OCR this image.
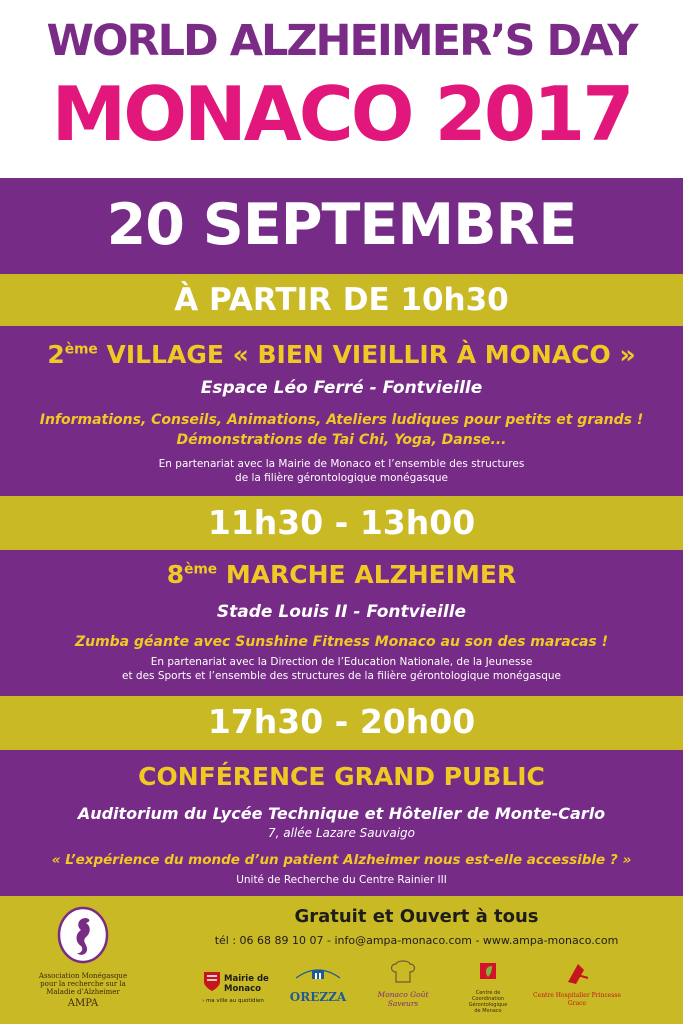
WORLD ALZHEIMER’S DAY
MONACO 2017
20 SEPTEMBRE
À PARTIR DE 10h30
2ème VILLAGE « BIEN VIEILLIR À MONACO »
Espace Léo Ferré - Fontvieille
Informations, Conseils, Animations, Ateliers ludiques pour petits et grands !
Démonstrations de Tai Chi, Yoga, Danse...
En partenariat avec la Mairie de Monaco et l’ensemble des structures
de la filière gérontologique monégasque
11h30 - 13h00
8ème MARCHE ALZHEIMER
Stade Louis II - Fontvieille
Zumba géante avec Sunshine Fitness Monaco au son des maracas !
En partenariat avec la Direction de l’Education Nationale, de la Jeunesse
et des Sports et l’ensemble des structures de la filière gérontologique monégasque
17h30 - 20h00
CONFÉRENCE GRAND PUBLIC
Auditorium du Lycée Technique et Hôtelier de Monte-Carlo
7, allée Lazare Sauvaigo
« L’expérience du monde d’un patient Alzheimer nous est-elle accessible ? »
Unité de Recherche du Centre Rainier III
Association Monégasque
pour la recherche sur la
Maladie d’Alzheimer
AMPA
Gratuit et Ouvert à tous
tél : 06 68 89 10 07 - info@ampa-monaco.com - www.ampa-monaco.com
Mairie de Monaco
› ma ville au quotidien	OREZZA	Monaco Goût Saveurs
Centre de Coordination Gérontologique de Monaco
Centre Hospitalier Princesse Grace
